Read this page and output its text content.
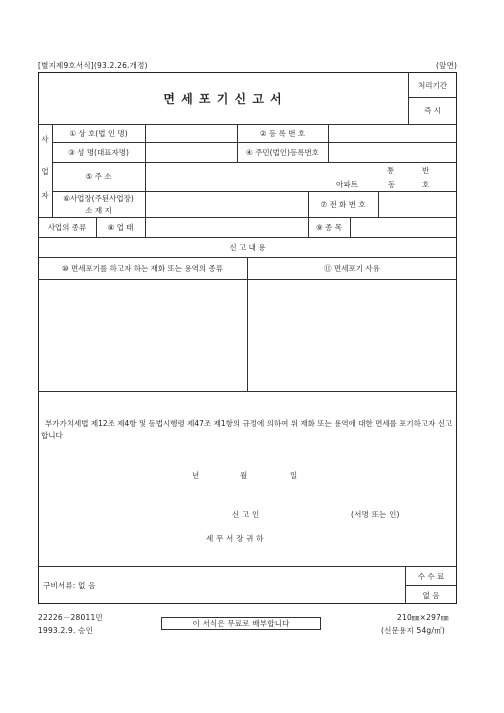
[별지제9호서식](93.2.26.개정)	(앞면)
면 세 포 기 신 고 서
처리기간
즉 시
사
업
자
① 상 호(법 인 명)	② 등 록 번 호
③ 성 명(대표자명)	④ 주민(법인)등록번호
⑤ 주 소
통	반
아파트	동	호
⑥사업장(주된사업장)
소 재 지
⑦ 전 화 번 호
사업의 종류	⑧ 업 태	⑨ 종 목
신 고 내 용
⑩ 면세포기를 하고자 하는 재화 또는 용역의 종류	⑪ 면세포기 사유
부가가치세법 제12조 제4항 및 동법시행령 제47조 제1항의 규정에 의하여 위 재화 또는 용역에 대한 면세를 포기하고자 신고합니다
년	월	일
신 고 인	(서명 또는 인)
세 무 서 장 귀 하
구비서류: 없 음
수 수 료
없 음
22226－28011민
1993.2.9. 승인
이 서식은 무료로 배부합니다
210㎜×297㎜
(신문용지 54g/㎡)
